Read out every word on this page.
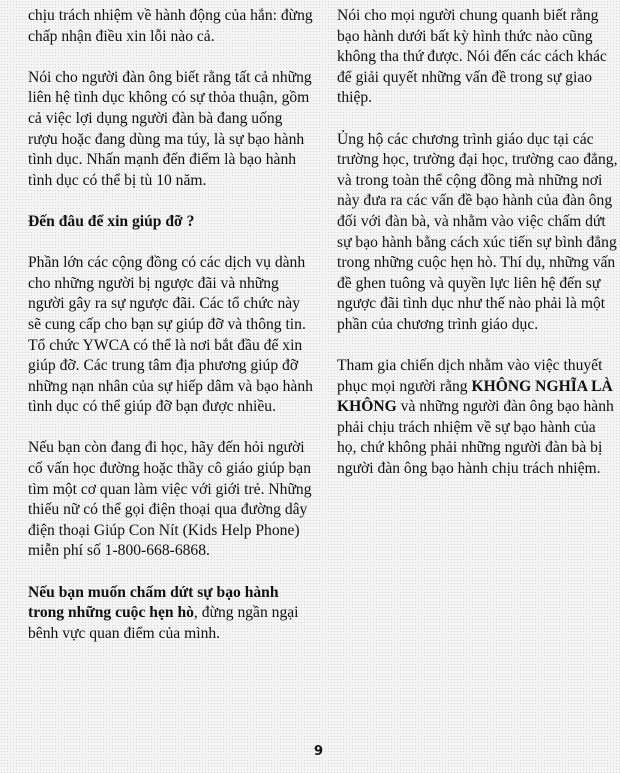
chịu trách nhiệm về hành động của hắn: đừng chấp nhận điều xin lỗi nào cả.

Nói cho người đàn ông biết rằng tất cả những liên hệ tình dục không có sự thỏa thuận, gồm cả việc lợi dụng người đàn bà đang uống rượu hoặc đang dùng ma túy, là sự bạo hành tình dục. Nhấn mạnh đến điểm là bạo hành tình dục có thể bị tù 10 năm.

Đến đâu để xin giúp đỡ ?

Phần lớn các cộng đồng có các dịch vụ dành cho những người bị ngược đãi và những người gây ra sự ngược đãi. Các tổ chức này sẽ cung cấp cho bạn sự giúp đỡ và thông tin. Tổ chức YWCA có thể là nơi bắt đầu để xin giúp đỡ. Các trung tâm địa phương giúp đỡ những nạn nhân của sự hiếp dâm và bạo hành tình dục có thể giúp đỡ bạn được nhiều.

Nếu bạn còn đang đi học, hãy đến hỏi người cố vấn học đường hoặc thầy cô giáo giúp bạn tìm một cơ quan làm việc với giới trẻ. Những thiếu nữ có thể gọi điện thoại qua đường dây điện thoại Giúp Con Nít (Kids Help Phone) miễn phí số 1-800-668-6868.

Nếu bạn muốn chấm dứt sự bạo hành trong những cuộc hẹn hò, đừng ngần ngại bênh vực quan điểm của mình.

Nói cho mọi người chung quanh biết rằng bạo hành dưới bất kỳ hình thức nào cũng không tha thứ được. Nói đến các cách khác để giải quyết những vấn đề trong sự giao thiệp.

Ủng hộ các chương trình giáo dục tại các trường học, trường đại học, trường cao đẳng, và trong toàn thể cộng đồng mà những nơi này đưa ra các vấn đề bạo hành của đàn ông đối với đàn bà, và nhằm vào việc chấm dứt sự bạo hành bằng cách xúc tiến sự bình đẳng trong những cuộc hẹn hò. Thí dụ, những vấn đề ghen tuông và quyền lực liên hệ đến sự ngược đãi tình dục như thế nào phải là một phần của chương trình giáo dục.

Tham gia chiến dịch nhằm vào việc thuyết phục mọi người rằng KHÔNG NGHĨA LÀ KHÔNG và những người đàn ông bạo hành phải chịu trách nhiệm về sự bạo hành của họ, chứ không phải những người đàn bà bị người đàn ông bạo hành chịu trách nhiệm.

9
